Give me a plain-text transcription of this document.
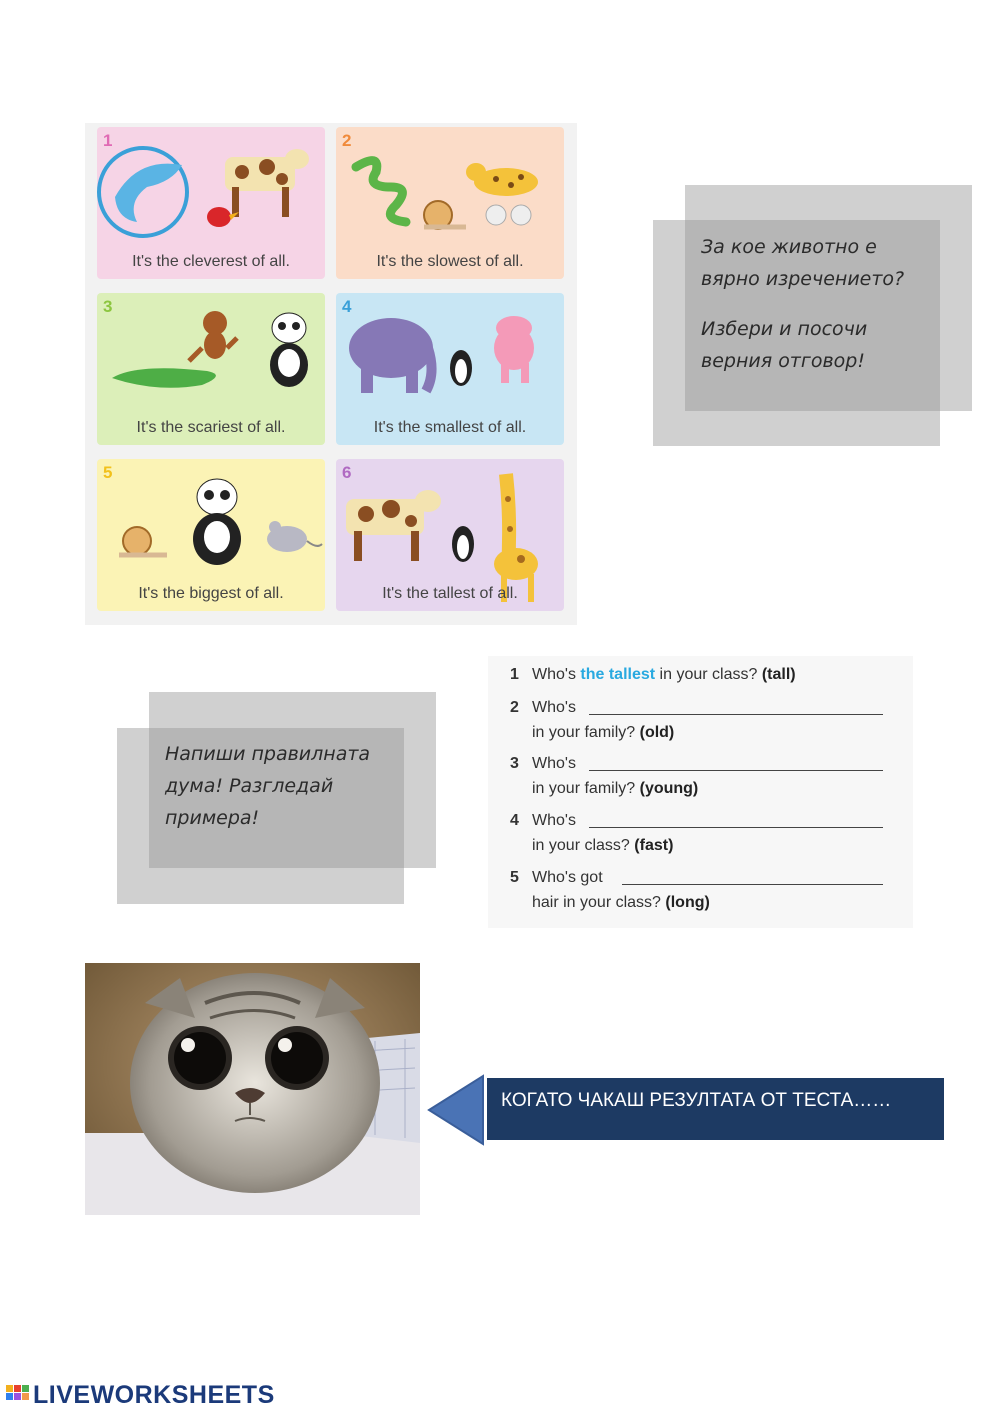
1
It's the cleverest of all.
2
It's the slowest of all.
3
It's the scariest of all.
4
It's the smallest of all.
5
It's the biggest of all.
6
It's the tallest of all.
За кое животно е
вярно изречението?
Избери и посочи
верния отговор!
Напиши правилната
дума! Разгледай
примера!
1 Who's the tallest in your class? (tall)
2 Who's
in your family? (old)
3 Who's
in your family? (young)
4 Who's
in your class? (fast)
5 Who's got
hair in your class? (long)
КОГАТО ЧАКАШ РЕЗУЛТАТА ОТ ТЕСТА……
LIVEWORKSHEETS
